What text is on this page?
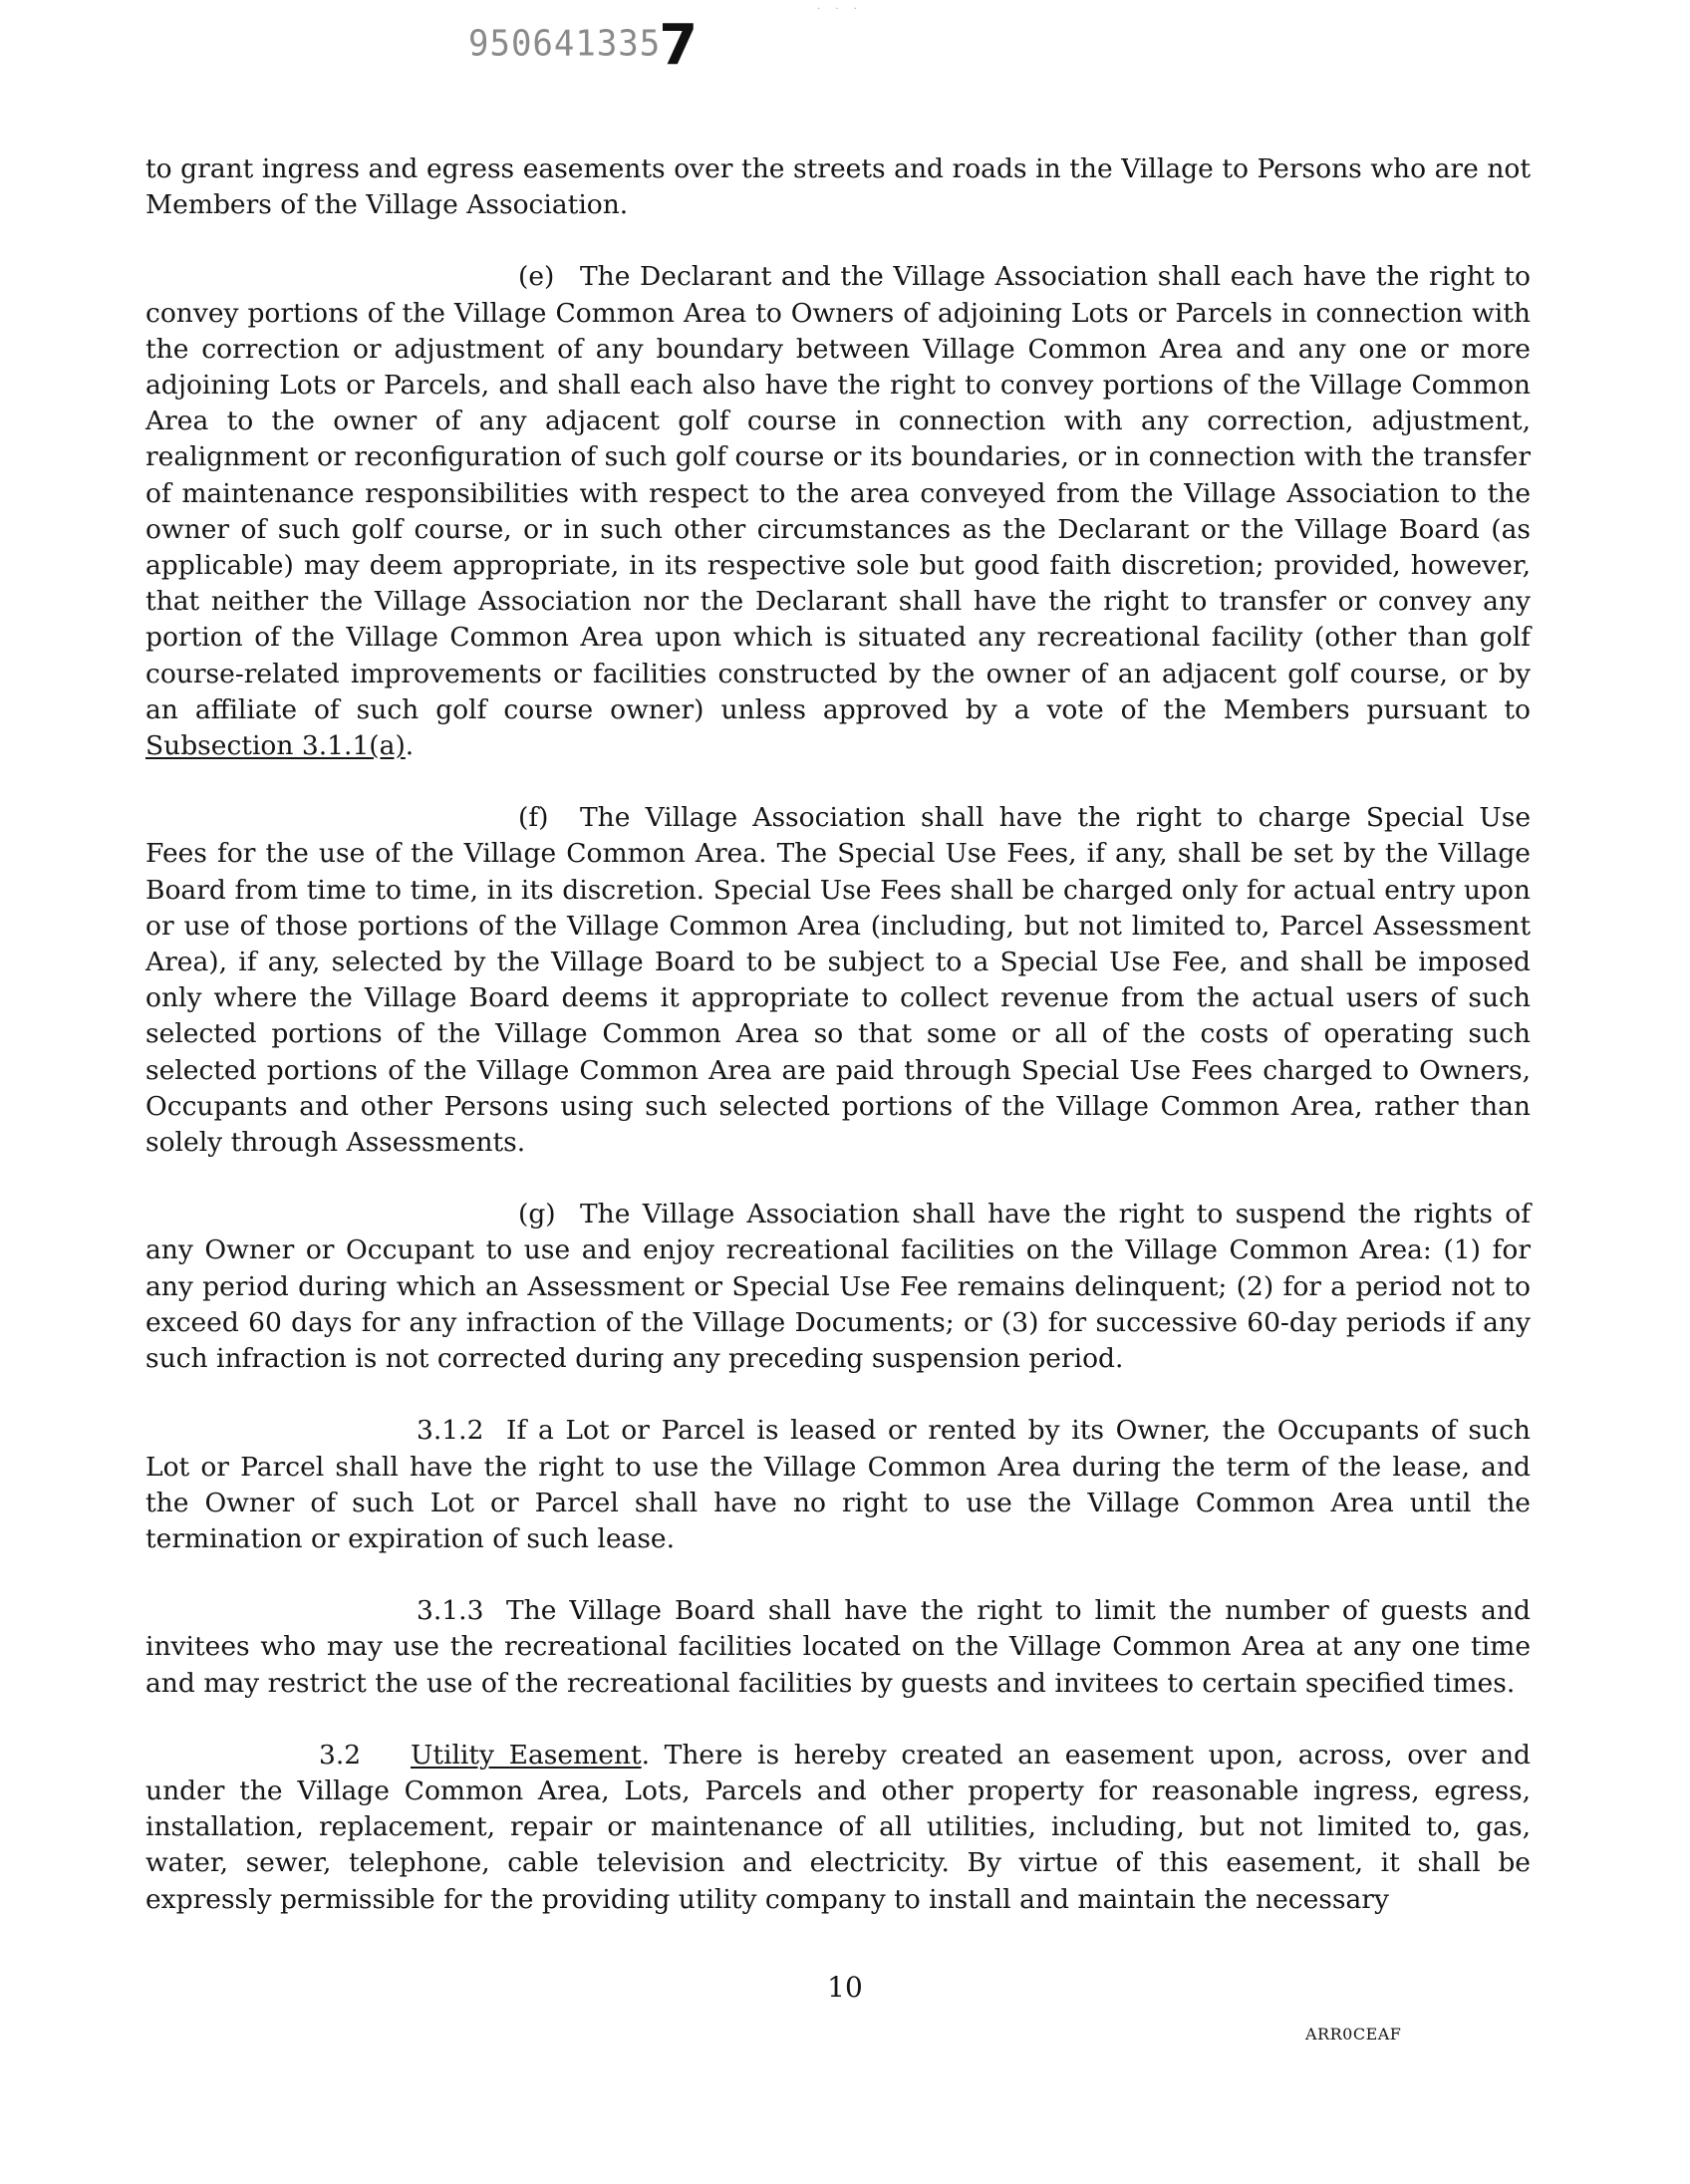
· · ·
950641335
7

to grant ingress and egress easements over the streets and roads in the Village to Persons who are not Members of the Village Association.

(e) The Declarant and the Village Association shall each have the right to convey portions of the Village Common Area to Owners of adjoining Lots or Parcels in connection with the correction or adjustment of any boundary between Village Common Area and any one or more adjoining Lots or Parcels, and shall each also have the right to convey portions of the Village Common Area to the owner of any adjacent golf course in connection with any correction, adjustment, realignment or reconfiguration of such golf course or its boundaries, or in connection with the transfer of maintenance responsibilities with respect to the area conveyed from the Village Association to the owner of such golf course, or in such other circumstances as the Declarant or the Village Board (as applicable) may deem appropriate, in its respective sole but good faith discretion; provided, however, that neither the Village Association nor the Declarant shall have the right to transfer or convey any portion of the Village Common Area upon which is situated any recreational facility (other than golf course-related improvements or facilities constructed by the owner of an adjacent golf course, or by an affiliate of such golf course owner) unless approved by a vote of the Members pursuant to Subsection 3.1.1(a).

(f) The Village Association shall have the right to charge Special Use Fees for the use of the Village Common Area. The Special Use Fees, if any, shall be set by the Village Board from time to time, in its discretion. Special Use Fees shall be charged only for actual entry upon or use of those portions of the Village Common Area (including, but not limited to, Parcel Assessment Area), if any, selected by the Village Board to be subject to a Special Use Fee, and shall be imposed only where the Village Board deems it appropriate to collect revenue from the actual users of such selected portions of the Village Common Area so that some or all of the costs of operating such selected portions of the Village Common Area are paid through Special Use Fees charged to Owners, Occupants and other Persons using such selected portions of the Village Common Area, rather than solely through Assessments.

(g) The Village Association shall have the right to suspend the rights of any Owner or Occupant to use and enjoy recreational facilities on the Village Common Area: (1) for any period during which an Assessment or Special Use Fee remains delinquent; (2) for a period not to exceed 60 days for any infraction of the Village Documents; or (3) for successive 60-day periods if any such infraction is not corrected during any preceding suspension period.

3.1.2 If a Lot or Parcel is leased or rented by its Owner, the Occupants of such Lot or Parcel shall have the right to use the Village Common Area during the term of the lease, and the Owner of such Lot or Parcel shall have no right to use the Village Common Area until the termination or expiration of such lease.

3.1.3 The Village Board shall have the right to limit the number of guests and invitees who may use the recreational facilities located on the Village Common Area at any one time and may restrict the use of the recreational facilities by guests and invitees to certain specified times.

3.2 Utility Easement. There is hereby created an easement upon, across, over and under the Village Common Area, Lots, Parcels and other property for reasonable ingress, egress, installation, replacement, repair or maintenance of all utilities, including, but not limited to, gas, water, sewer, telephone, cable television and electricity. By virtue of this easement, it shall be expressly permissible for the providing utility company to install and maintain the necessary

10
ARR0CEAF
